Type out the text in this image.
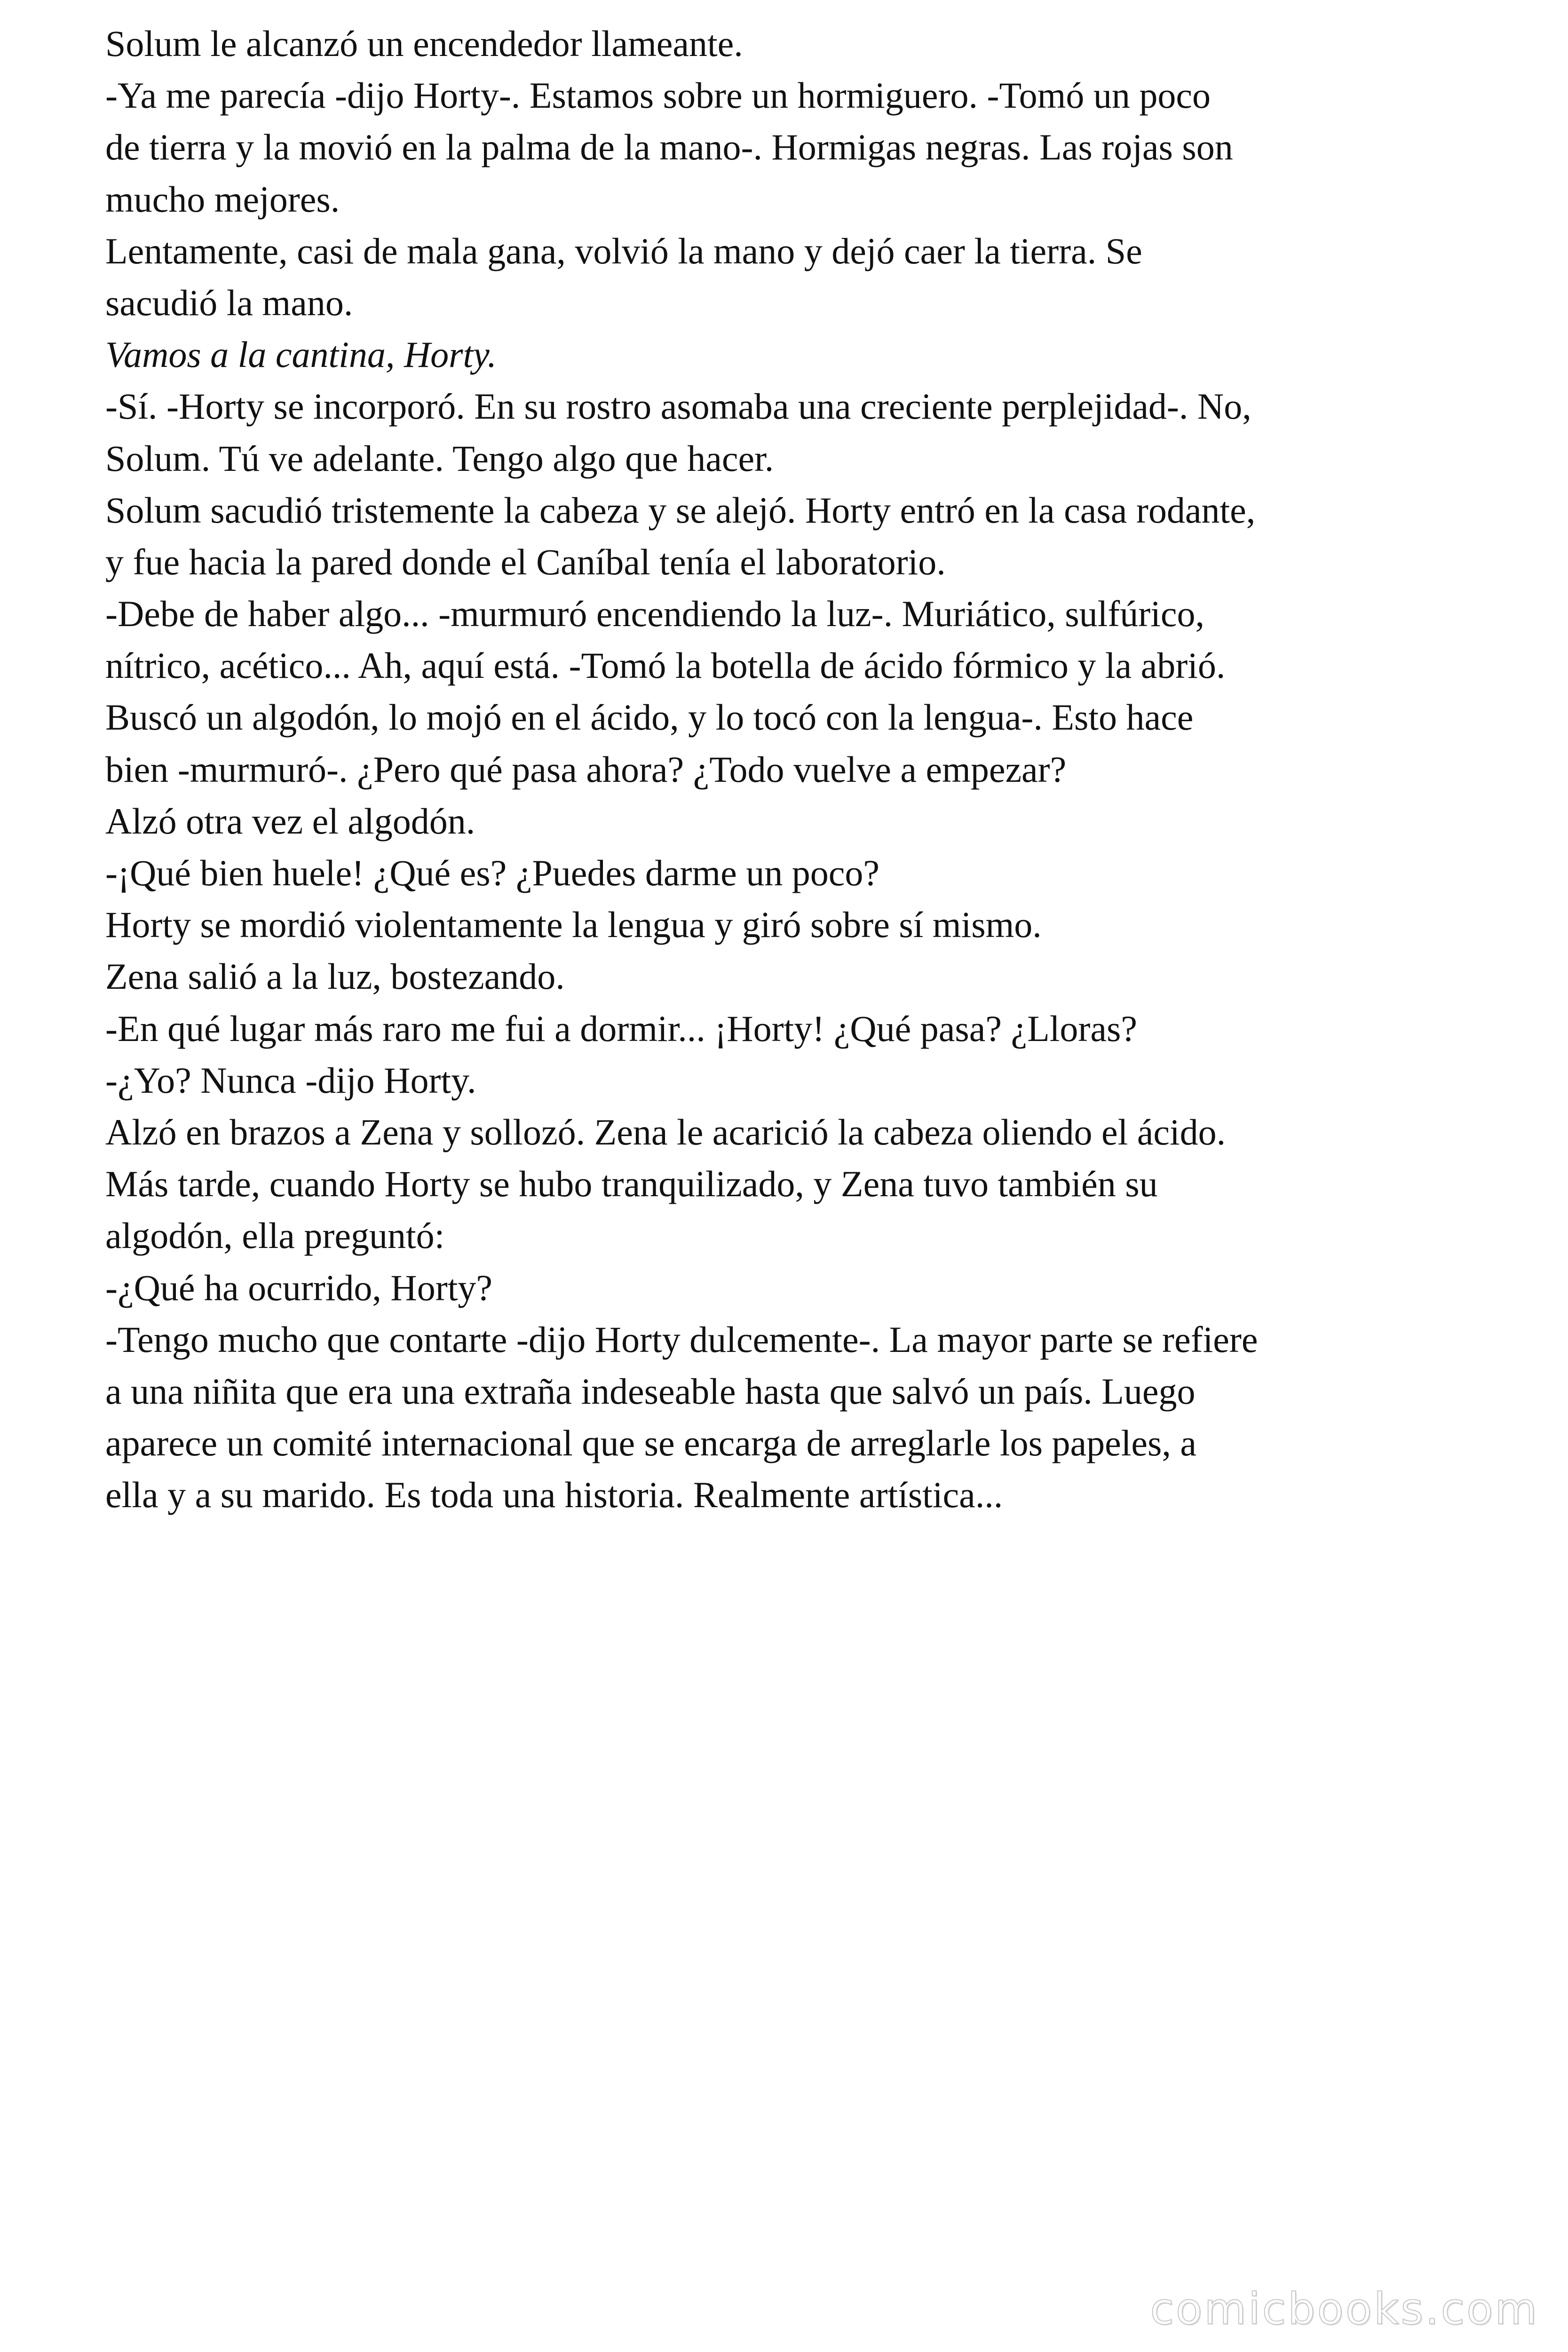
Solum le alcanzó un encendedor llameante.
-Ya me parecía -dijo Horty-. Estamos sobre un hormiguero. -Tomó un poco
de tierra y la movió en la palma de la mano-. Hormigas negras. Las rojas son
mucho mejores.
Lentamente, casi de mala gana, volvió la mano y dejó caer la tierra. Se
sacudió la mano.
Vamos a la cantina, Horty.
-Sí. -Horty se incorporó. En su rostro asomaba una creciente perplejidad-. No,
Solum. Tú ve adelante. Tengo algo que hacer.
Solum sacudió tristemente la cabeza y se alejó. Horty entró en la casa rodante,
y fue hacia la pared donde el Caníbal tenía el laboratorio.
-Debe de haber algo... -murmuró encendiendo la luz-. Muriático, sulfúrico,
nítrico, acético... Ah, aquí está. -Tomó la botella de ácido fórmico y la abrió.
Buscó un algodón, lo mojó en el ácido, y lo tocó con la lengua-. Esto hace
bien -murmuró-. ¿Pero qué pasa ahora? ¿Todo vuelve a empezar?
Alzó otra vez el algodón.
-¡Qué bien huele! ¿Qué es? ¿Puedes darme un poco?
Horty se mordió violentamente la lengua y giró sobre sí mismo.
Zena salió a la luz, bostezando.
-En qué lugar más raro me fui a dormir... ¡Horty! ¿Qué pasa? ¿Lloras?
-¿Yo? Nunca -dijo Horty.
Alzó en brazos a Zena y sollozó. Zena le acarició la cabeza oliendo el ácido.
Más tarde, cuando Horty se hubo tranquilizado, y Zena tuvo también su
algodón, ella preguntó:
-¿Qué ha ocurrido, Horty?
-Tengo mucho que contarte -dijo Horty dulcemente-. La mayor parte se refiere
a una niñita que era una extraña indeseable hasta que salvó un país. Luego
aparece un comité internacional que se encarga de arreglarle los papeles, a
ella y a su marido. Es toda una historia. Realmente artística...
comicbooks.com
